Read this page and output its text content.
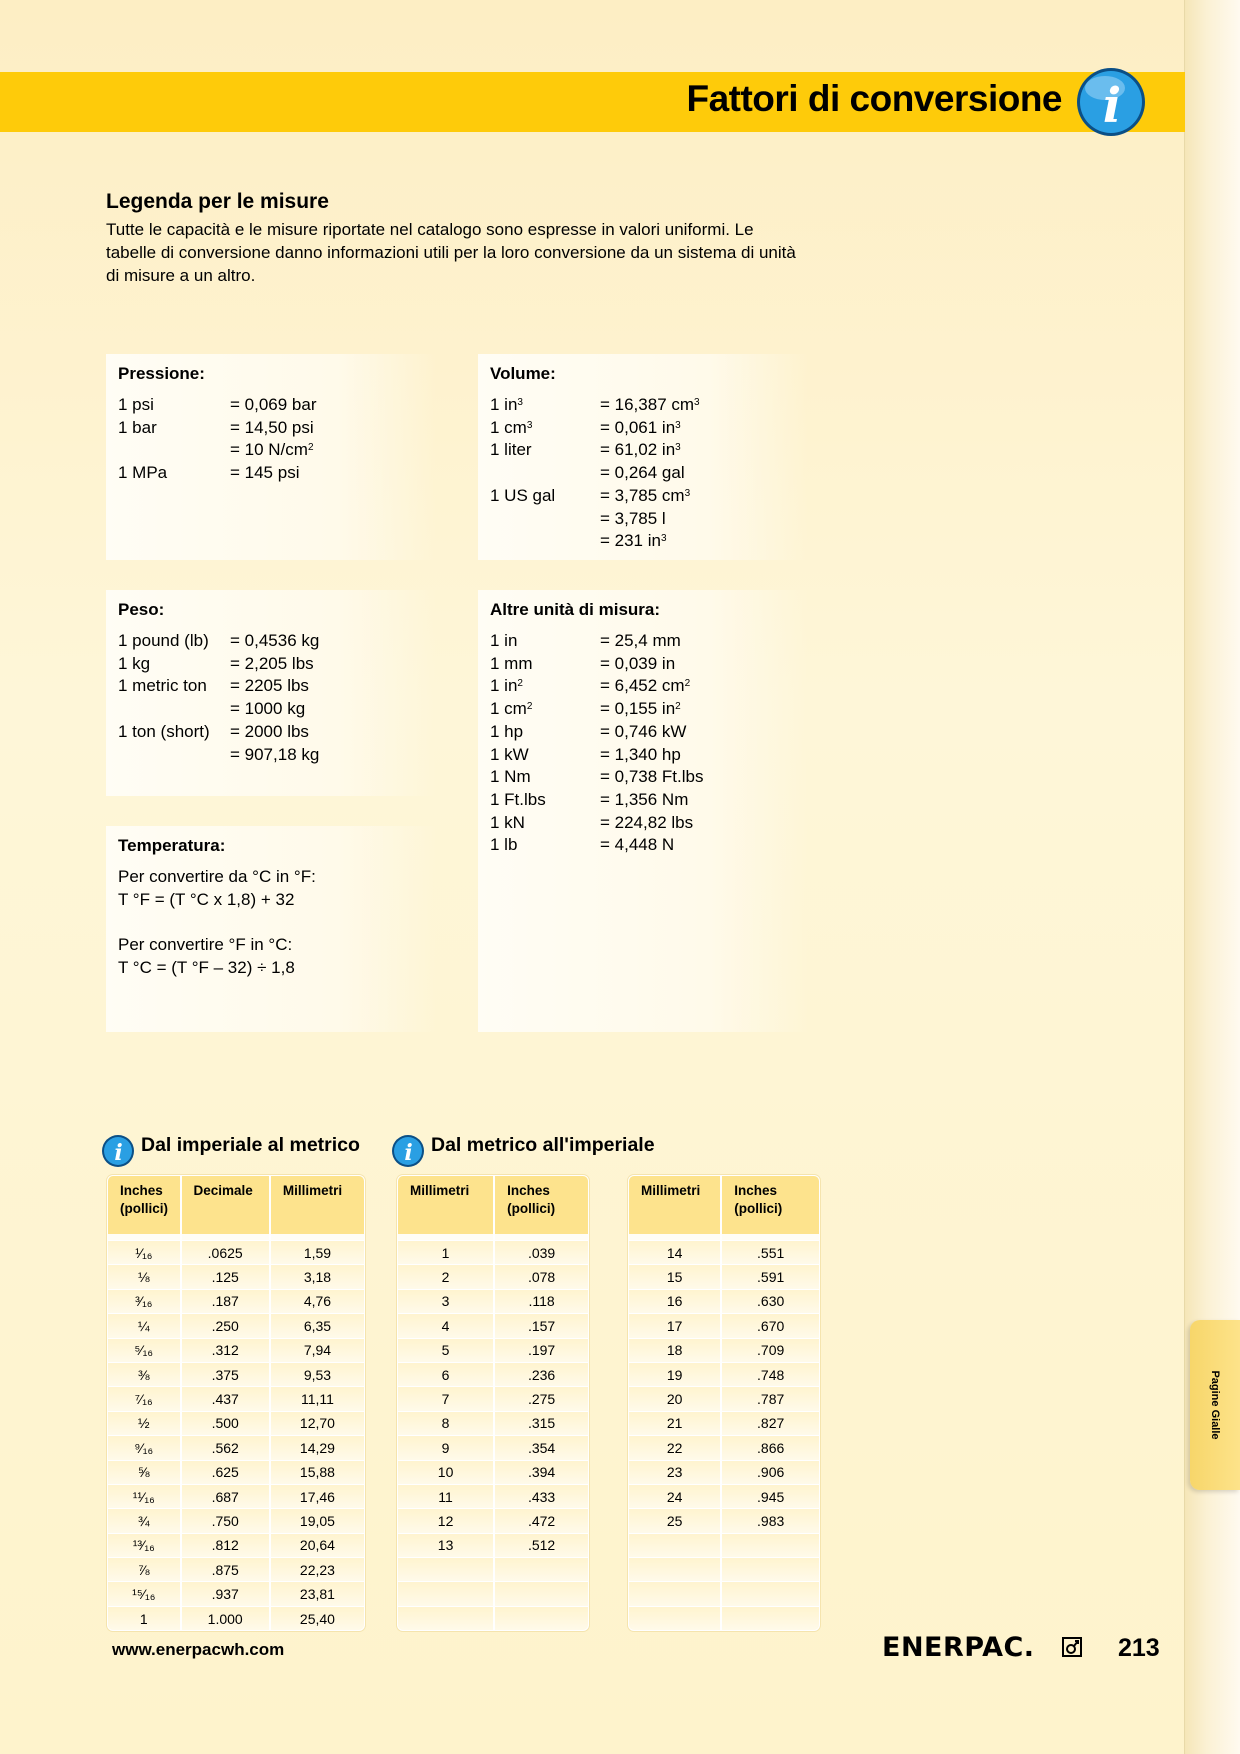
Pagine Gialle
Fattori di conversione i
Legenda per le misure
Tutte le capacità e le misure riportate nel catalogo sono espresse in valori uniformi. Le tabelle di conversione danno informazioni utili per la loro conversione da un sistema di unità di misure a un altro.
Pressione:
1 psi	= 0,069 bar
1 bar	= 14,50 psi
= 10 $N/cm^2$
1 MPa	= 145 psi
Volume:
1 $in^3$	= 16,387 $cm^3$
1 $cm^3$	= 0,061 $in^3$
1 liter	= 61,02 $in^3$
= 0,264 gal
1 US gal	= 3,785 $cm^3$
= 3,785 l
= 231 $in^3$
Peso:
1 pound (lb)	= 0,4536 kg
1 kg	= 2,205 lbs
1 metric ton	= 2205 lbs
= 1000 kg
1 ton (short)	= 2000 lbs
= 907,18 kg
Altre unità di misura:
1 in	= 25,4 mm
1 mm	= 0,039 in
1 $in^2$	= 6,452 $cm^2$
1 $cm^2$	= 0,155 $in^2$
1 hp	= 0,746 kW
1 kW	= 1,340 hp
1 Nm	= 0,738 Ft.lbs
1 Ft.lbs	= 1,356 Nm
1 kN	= 224,82 lbs
1 lb	= 4,448 N
Temperatura:
Per convertire da °C in °F:
T °F = (T °C x 1,8) + 32

Per convertire °F in °C:
T °C = (T °F – 32) ÷ 1,8
i Dal imperiale al metrico i Dal metrico all'imperiale
Inches
(pollici)	Decimale	Millimetri

¹⁄₁₆	.0625	1,59
⅛	.125	3,18
³⁄₁₆	.187	4,76
¼	.250	6,35
⁵⁄₁₆	.312	7,94
⅜	.375	9,53
⁷⁄₁₆	.437	11,11
½	.500	12,70
⁹⁄₁₆	.562	14,29
⅝	.625	15,88
¹¹⁄₁₆	.687	17,46
¾	.750	19,05
¹³⁄₁₆	.812	20,64
⅞	.875	22,23
¹⁵⁄₁₆	.937	23,81
1	1.000	25,40
Millimetri	Inches
(pollici)

1	.039
2	.078
3	.118
4	.157
5	.197
6	.236
7	.275
8	.315
9	.354
10	.394
11	.433
12	.472
13	.512

Millimetri	Inches
(pollici)

14	.551
15	.591
16	.630
17	.670
18	.709
19	.748
20	.787
21	.827
22	.866
23	.906
24	.945
25	.983

www.enerpacwh.com	ENERPAC.	213
